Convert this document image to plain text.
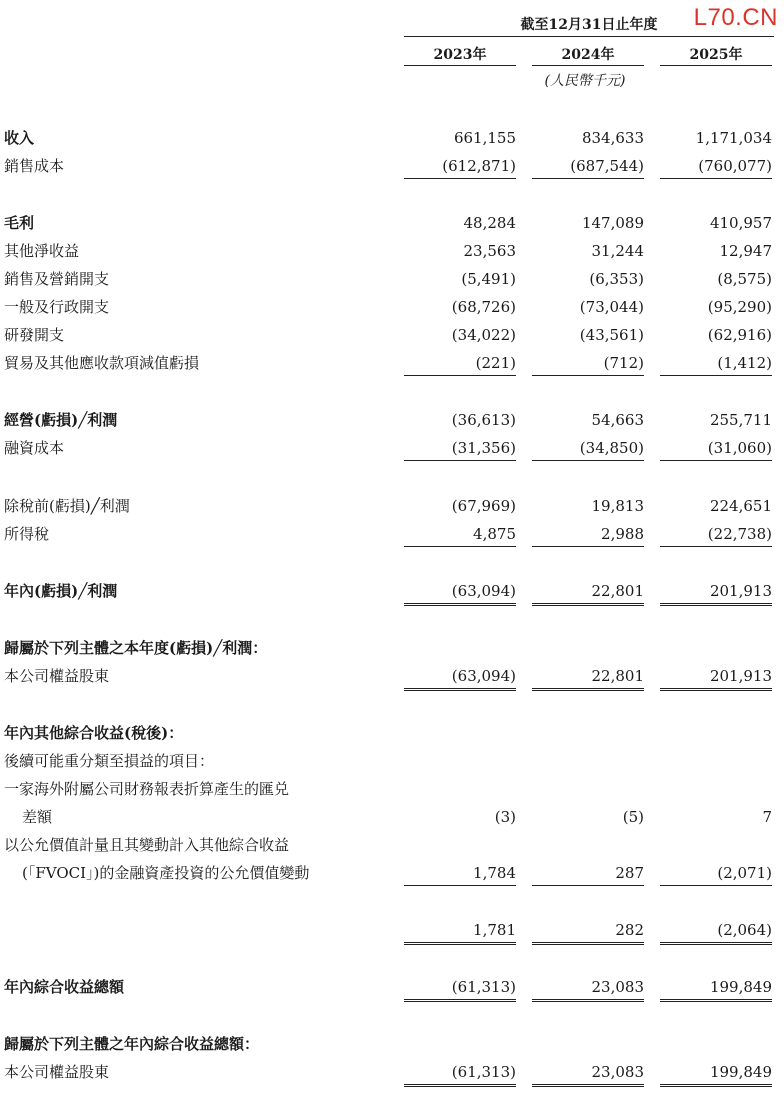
L70.CN
截至12月31日止年度
2023年	2024年	2025年
(人民幣千元)
收入	661,155	834,633	1,171,034
銷售成本	(612,871)	(687,544)	(760,077)
毛利	48,284	147,089	410,957
其他淨收益	23,563	31,244	12,947
銷售及營銷開支	(5,491)	(6,353)	(8,575)
一般及行政開支	(68,726)	(73,044)	(95,290)
研發開支	(34,022)	(43,561)	(62,916)
貿易及其他應收款項減值虧損	(221)	(712)	(1,412)
經營(虧損)╱利潤	(36,613)	54,663	255,711
融資成本	(31,356)	(34,850)	(31,060)
除稅前(虧損)╱利潤	(67,969)	19,813	224,651
所得稅	4,875	2,988	(22,738)
年內(虧損)╱利潤	(63,094)	22,801	201,913
歸屬於下列主體之本年度(虧損)╱利潤：
本公司權益股東	(63,094)	22,801	201,913
年內其他綜合收益(稅後)：
後續可能重分類至損益的項目：
一家海外附屬公司財務報表折算產生的匯兑
差額	(3)	(5)	7
以公允價值計量且其變動計入其他綜合收益
(「FVOCI」)的金融資產投資的公允價值變動	1,784	287	(2,071)
1,781	282	(2,064)
年內綜合收益總額	(61,313)	23,083	199,849
歸屬於下列主體之年內綜合收益總額：
本公司權益股東	(61,313)	23,083	199,849
